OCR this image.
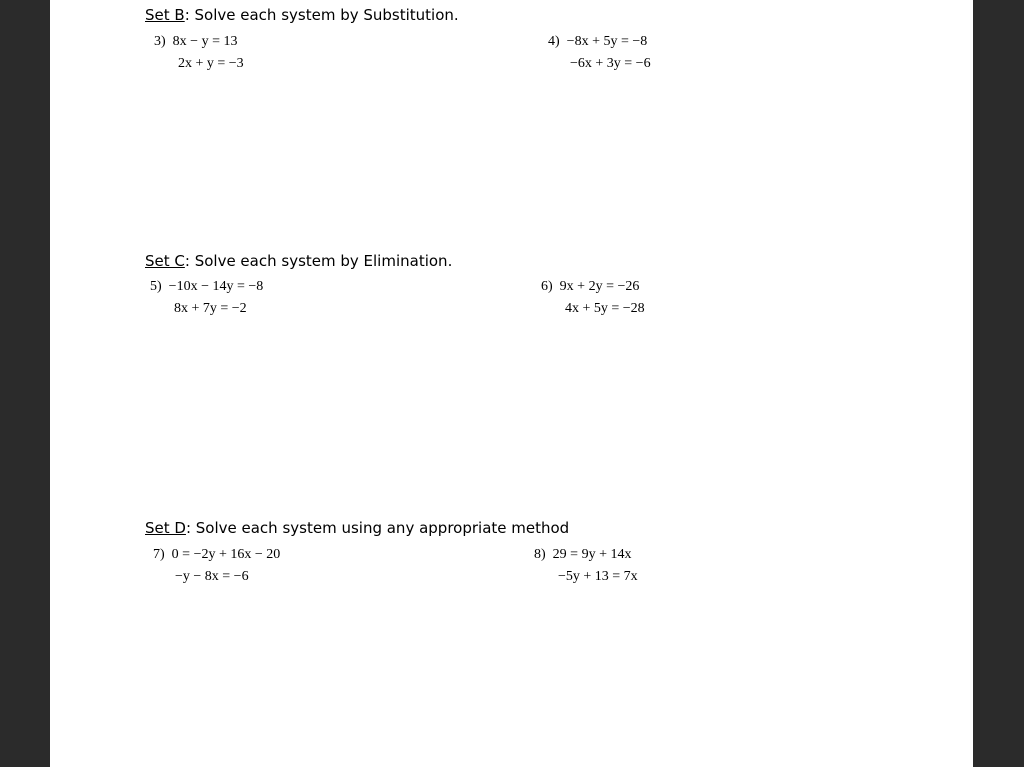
Set B: Solve each system by Substitution.
3) 8x − y = 13
2x + y = −3
4) −8x + 5y = −8
−6x + 3y = −6
Set C: Solve each system by Elimination.
5) −10x − 14y = −8
8x + 7y = −2
6) 9x + 2y = −26
4x + 5y = −28
Set D: Solve each system using any appropriate method
7) 0 = −2y + 16x − 20
−y − 8x = −6
8) 29 = 9y + 14x
−5y + 13 = 7x
